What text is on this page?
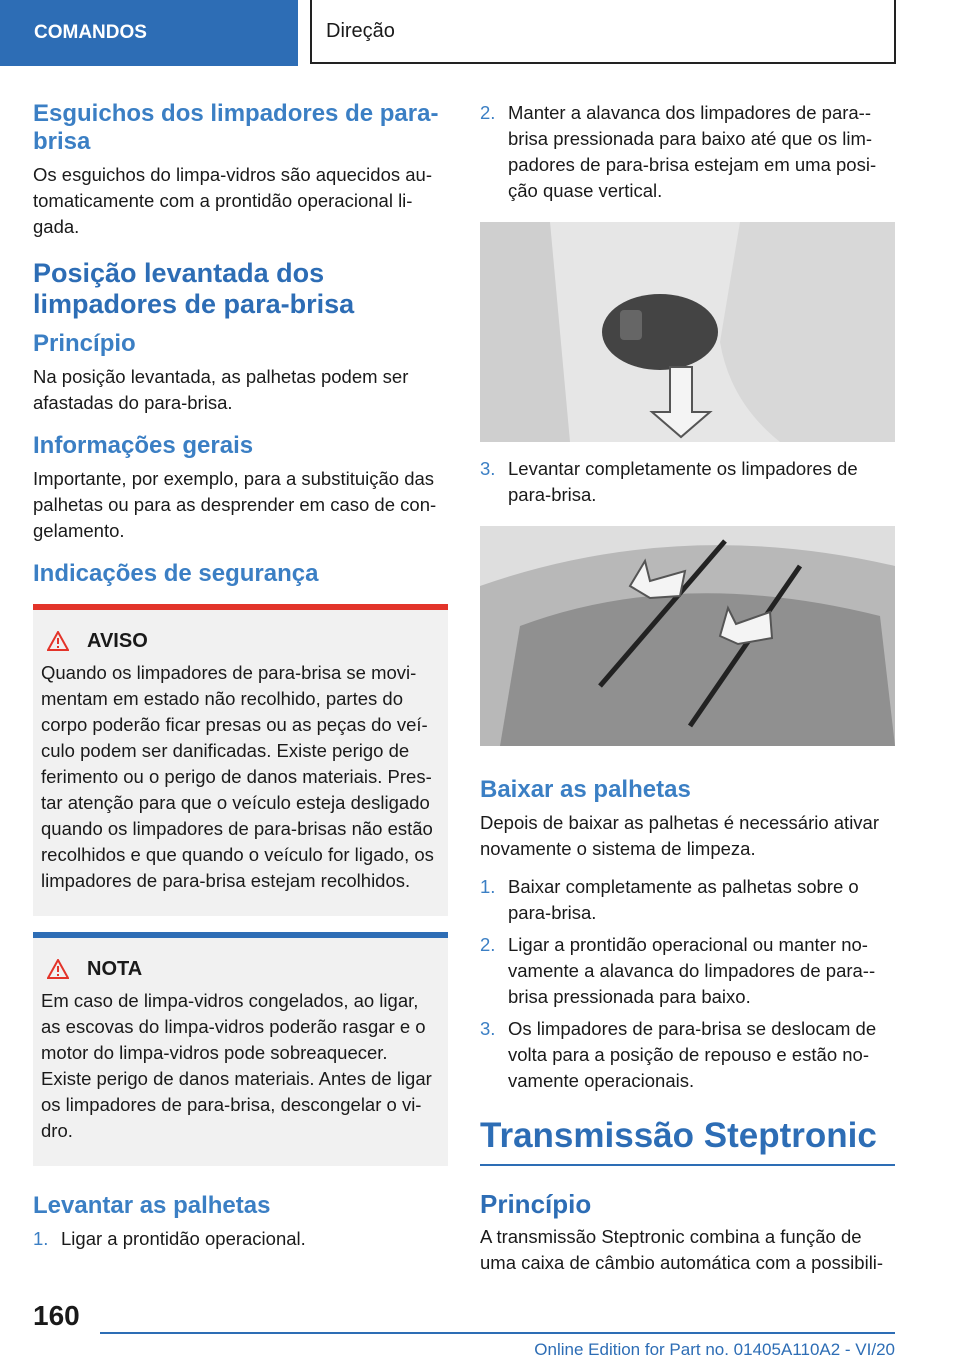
COMANDOS	Direção
Esguichos dos limpadores de para-brisa

Os esguichos do limpa-vidros são aquecidos au-tomaticamente com a prontidão operacional li-gada.

Posição levantada dos limpadores de para-brisa
Princípio

Na posição levantada, as palhetas podem ser afastadas do para-brisa.

Informações gerais

Importante, por exemplo, para a substituição das palhetas ou para as desprender em caso de con-gelamento.

Indicações de segurança
AVISO
Quando os limpadores de para-brisa se movi-mentam em estado não recolhido, partes do corpo poderão ficar presas ou as peças do veí-culo podem ser danificadas. Existe perigo de ferimento ou o perigo de danos materiais. Pres-tar atenção para que o veículo esteja desligado quando os limpadores de para-brisas não estão recolhidos e que quando o veículo for ligado, os limpadores de para-brisa estejam recolhidos.
NOTA
Em caso de limpa-vidros congelados, ao ligar, as escovas do limpa-vidros poderão rasgar e o motor do limpa-vidros pode sobreaquecer. Existe perigo de danos materiais. Antes de ligar os limpadores de para-brisa, descongelar o vi-dro.
Levantar as palhetas
1. Ligar a prontidão operacional.
2. Manter a alavanca dos limpadores de para--brisa pressionada para baixo até que os lim-padores de para-brisa estejam em uma posi-ção quase vertical.
3. Levantar completamente os limpadores de para-brisa.
Baixar as palhetas

Depois de baixar as palhetas é necessário ativar novamente o sistema de limpeza.

1. Baixar completamente as palhetas sobre o para-brisa.
2. Ligar a prontidão operacional ou manter no-vamente a alavanca do limpadores de para--brisa pressionada para baixo.
3. Os limpadores de para-brisa se deslocam de volta para a posição de repouso e estão no-vamente operacionais.
Transmissão Steptronic
Princípio

A transmissão Steptronic combina a função de uma caixa de câmbio automática com a possibili-

160
Online Edition for Part no. 01405A110A2 - VI/20
